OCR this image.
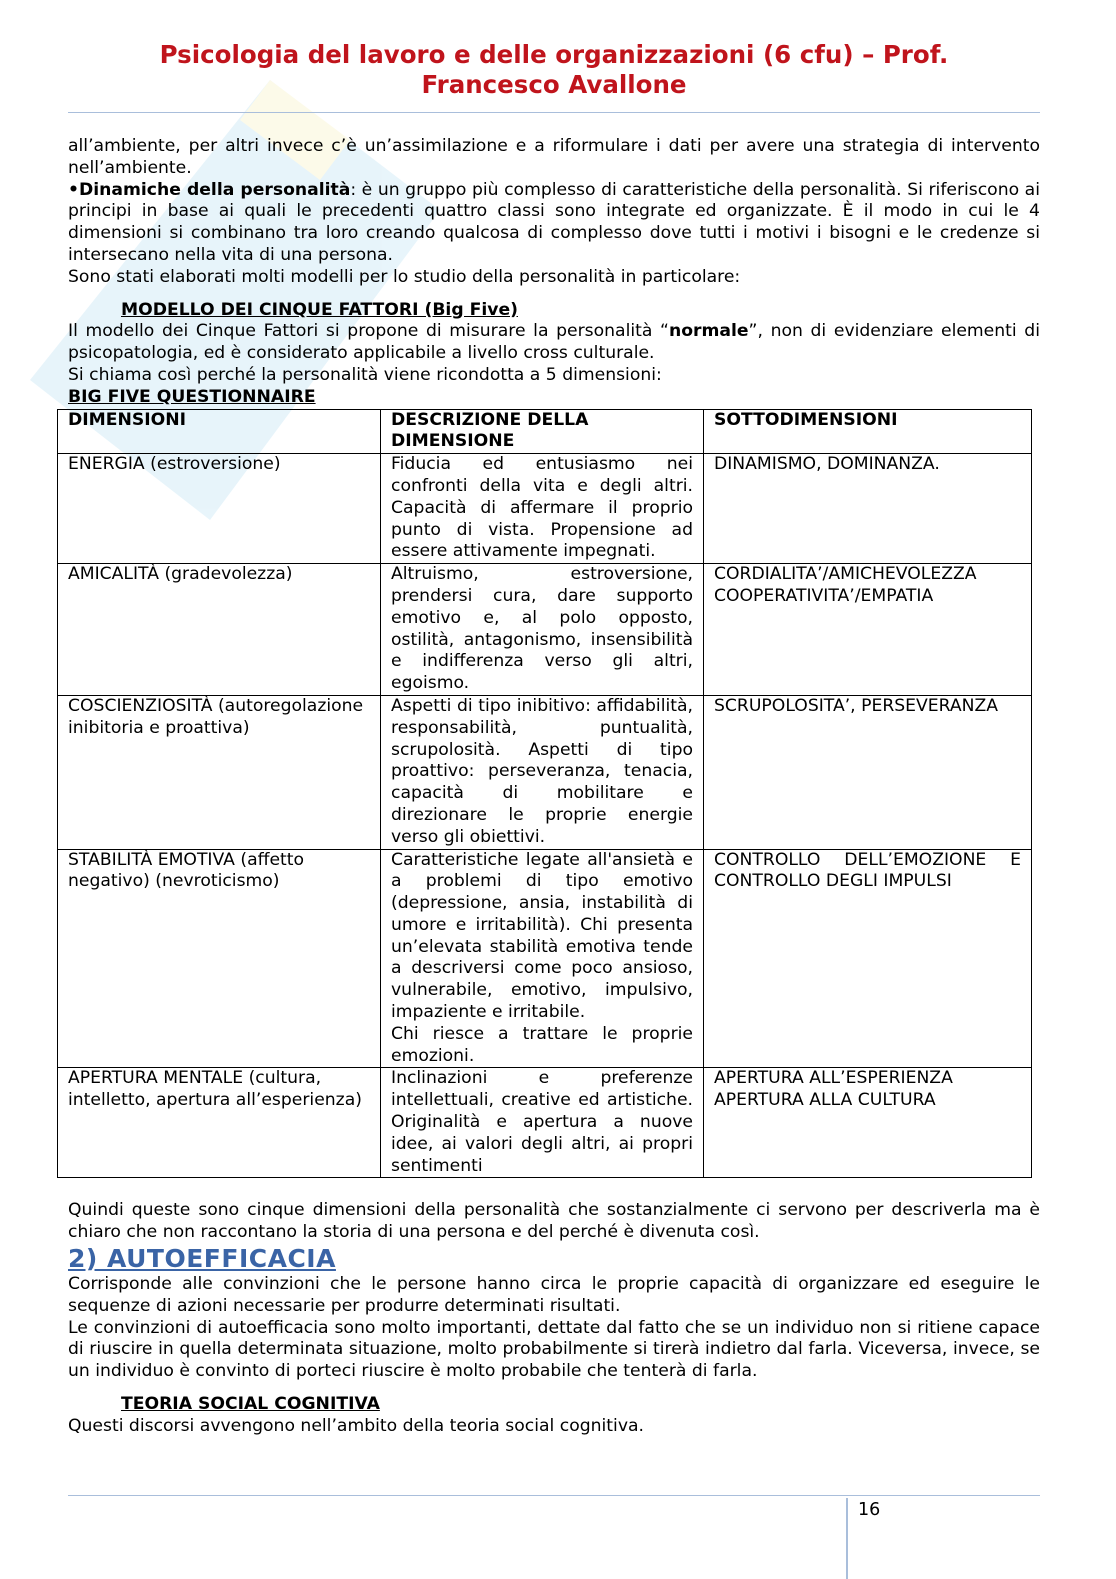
Psicologia del lavoro e delle organizzazioni (6 cfu) – Prof.
Francesco Avallone

all’ambiente, per altri invece c’è un’assimilazione e a riformulare i dati per avere una strategia di intervento nell’ambiente.

•Dinamiche della personalità: è un gruppo più complesso di caratteristiche della personalità. Si riferiscono ai principi in base ai quali le precedenti quattro classi sono integrate ed organizzate. È il modo in cui le 4 dimensioni si combinano tra loro creando qualcosa di complesso dove tutti i motivi i bisogni e le credenze si intersecano nella vita di una persona.

Sono stati elaborati molti modelli per lo studio della personalità in particolare:

MODELLO DEI CINQUE FATTORI (Big Five)

Il modello dei Cinque Fattori si propone di misurare la personalità “normale”, non di evidenziare elementi di psicopatologia, ed è considerato applicabile a livello cross culturale.

Si chiama così perché la personalità viene ricondotta a 5 dimensioni:

BIG FIVE QUESTIONNAIRE

DIMENSIONI	DESCRIZIONE DELLA DIMENSIONE	SOTTODIMENSIONI
ENERGIA (estroversione)	Fiducia ed entusiasmo nei confronti della vita e degli altri. Capacità di affermare il proprio punto di vista. Propensione ad essere attivamente impegnati.	DINAMISMO, DOMINANZA.
AMICALITÀ (gradevolezza)	Altruismo, estroversione, prendersi cura, dare supporto emotivo e, al polo opposto, ostilità, antagonismo, insensibilità e indifferenza verso gli altri, egoismo.	CORDIALITA’/AMICHEVOLEZZA COOPERATIVITA’/EMPATIA
COSCIENZIOSITÀ (autoregolazione inibitoria e proattiva)	Aspetti di tipo inibitivo: affidabilità, responsabilità, puntualità, scrupolosità. Aspetti di tipo proattivo: perseveranza, tenacia, capacità di mobilitare e direzionare le proprie energie verso gli obiettivi.	SCRUPOLOSITA’, PERSEVERANZA
STABILITÀ EMOTIVA (affetto negativo) (nevroticismo)	Caratteristiche legate all'ansietà e a problemi di tipo emotivo (depressione, ansia, instabilità di umore e irritabilità). Chi presenta un’elevata stabilità emotiva tende a descriversi come poco ansioso, vulnerabile, emotivo, impulsivo, impaziente e irritabile.
Chi riesce a trattare le proprie emozioni.	CONTROLLO DELL’EMOZIONE E CONTROLLO DEGLI IMPULSI
APERTURA MENTALE (cultura, intelletto, apertura all’esperienza)	Inclinazioni e preferenze intellettuali, creative ed artistiche. Originalità e apertura a nuove idee, ai valori degli altri, ai propri sentimenti	APERTURA ALL’ESPERIENZA APERTURA ALLA CULTURA

Quindi queste sono cinque dimensioni della personalità che sostanzialmente ci servono per descriverla ma è chiaro che non raccontano la storia di una persona e del perché è divenuta così.

2) AUTOEFFICACIA

Corrisponde alle convinzioni che le persone hanno circa le proprie capacità di organizzare ed eseguire le sequenze di azioni necessarie per produrre determinati risultati.

Le convinzioni di autoefficacia sono molto importanti, dettate dal fatto che se un individuo non si ritiene capace di riuscire in quella determinata situazione, molto probabilmente si tirerà indietro dal farla. Viceversa, invece, se un individuo è convinto di porteci riuscire è molto probabile che tenterà di farla.

TEORIA SOCIAL COGNITIVA

Questi discorsi avvengono nell’ambito della teoria social cognitiva.

16
